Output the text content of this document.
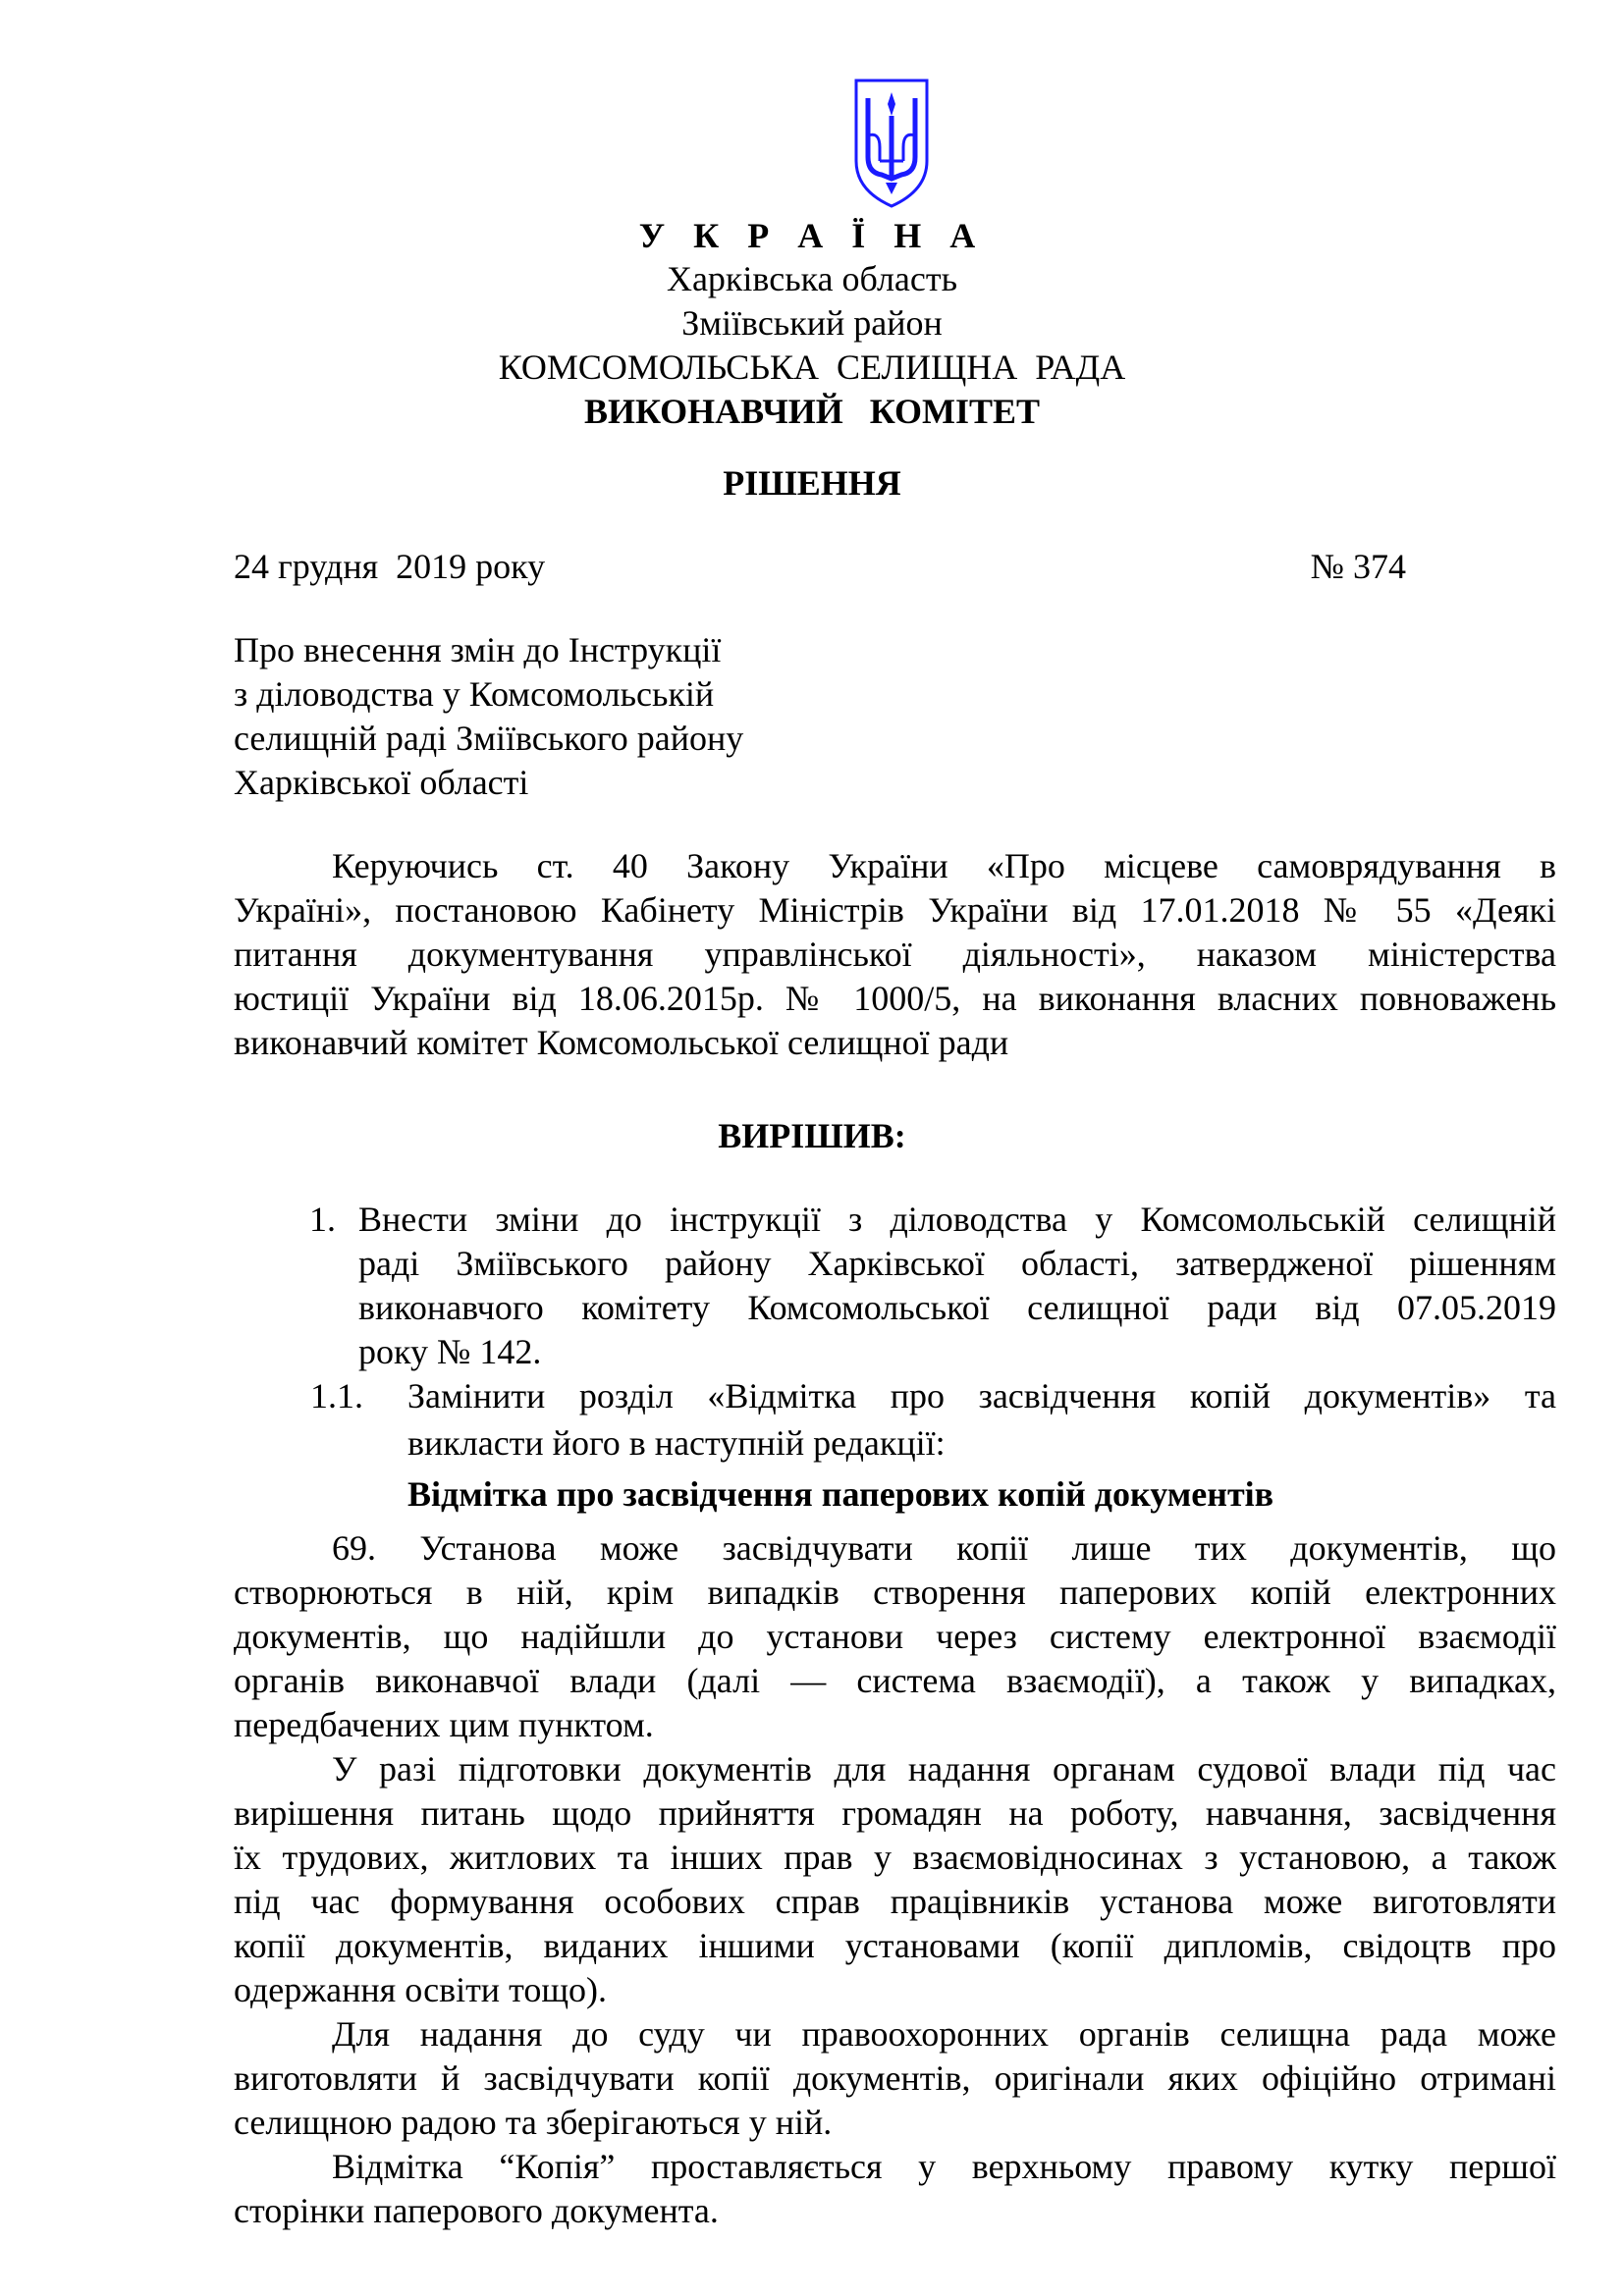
У К Р А Ї Н А
Харківська область
Зміївський район
КОМСОМОЛЬСЬКА  СЕЛИЩНА  РАДА
ВИКОНАВЧИЙ   КОМІТЕТ
РІШЕННЯ
24 грудня  2019 року	№ 374
Про внесення змін до Інструкції
з діловодства у Комсомольській
селищній раді Зміївського району
Харківської області
Керуючись ст. 40 Закону України «Про місцеве самоврядування в
Україні», постановою Кабінету Міністрів України від 17.01.2018 № 55 «Деякі
питання документування управлінської діяльності», наказом міністерства
юстиції України від 18.06.2015р. № 1000/5, на виконання власних повноважень
виконавчий комітет Комсомольської селищної ради
ВИРІШИВ:
1. Внести зміни до інструкції з діловодства у Комсомольській селищній
раді Зміївського району Харківської області, затвердженої рішенням
виконавчого комітету Комсомольської селищної ради від 07.05.2019
року № 142.
1.1. Замінити розділ «Відмітка про засвідчення копій документів» та
викласти його в наступній редакції:
Відмітка про засвідчення паперових копій документів
69. Установа може засвідчувати копії лише тих документів, що
створюються в ній, крім випадків створення паперових копій електронних
документів, що надійшли до установи через систему електронної взаємодії
органів виконавчої влади (далі — система взаємодії), а також у випадках,
передбачених цим пунктом.
У разі підготовки документів для надання органам судової влади під час
вирішення питань щодо прийняття громадян на роботу, навчання, засвідчення
їх трудових, житлових та інших прав у взаємовідносинах з установою, а також
під час формування особових справ працівників установа може виготовляти
копії документів, виданих іншими установами (копії дипломів, свідоцтв про
одержання освіти тощо).
Для надання до суду чи правоохоронних органів селищна рада може
виготовляти й засвідчувати копії документів, оригінали яких офіційно отримані
селищною радою та зберігаються у ній.
Відмітка “Копія” проставляється у верхньому правому кутку першої
сторінки паперового документа.
